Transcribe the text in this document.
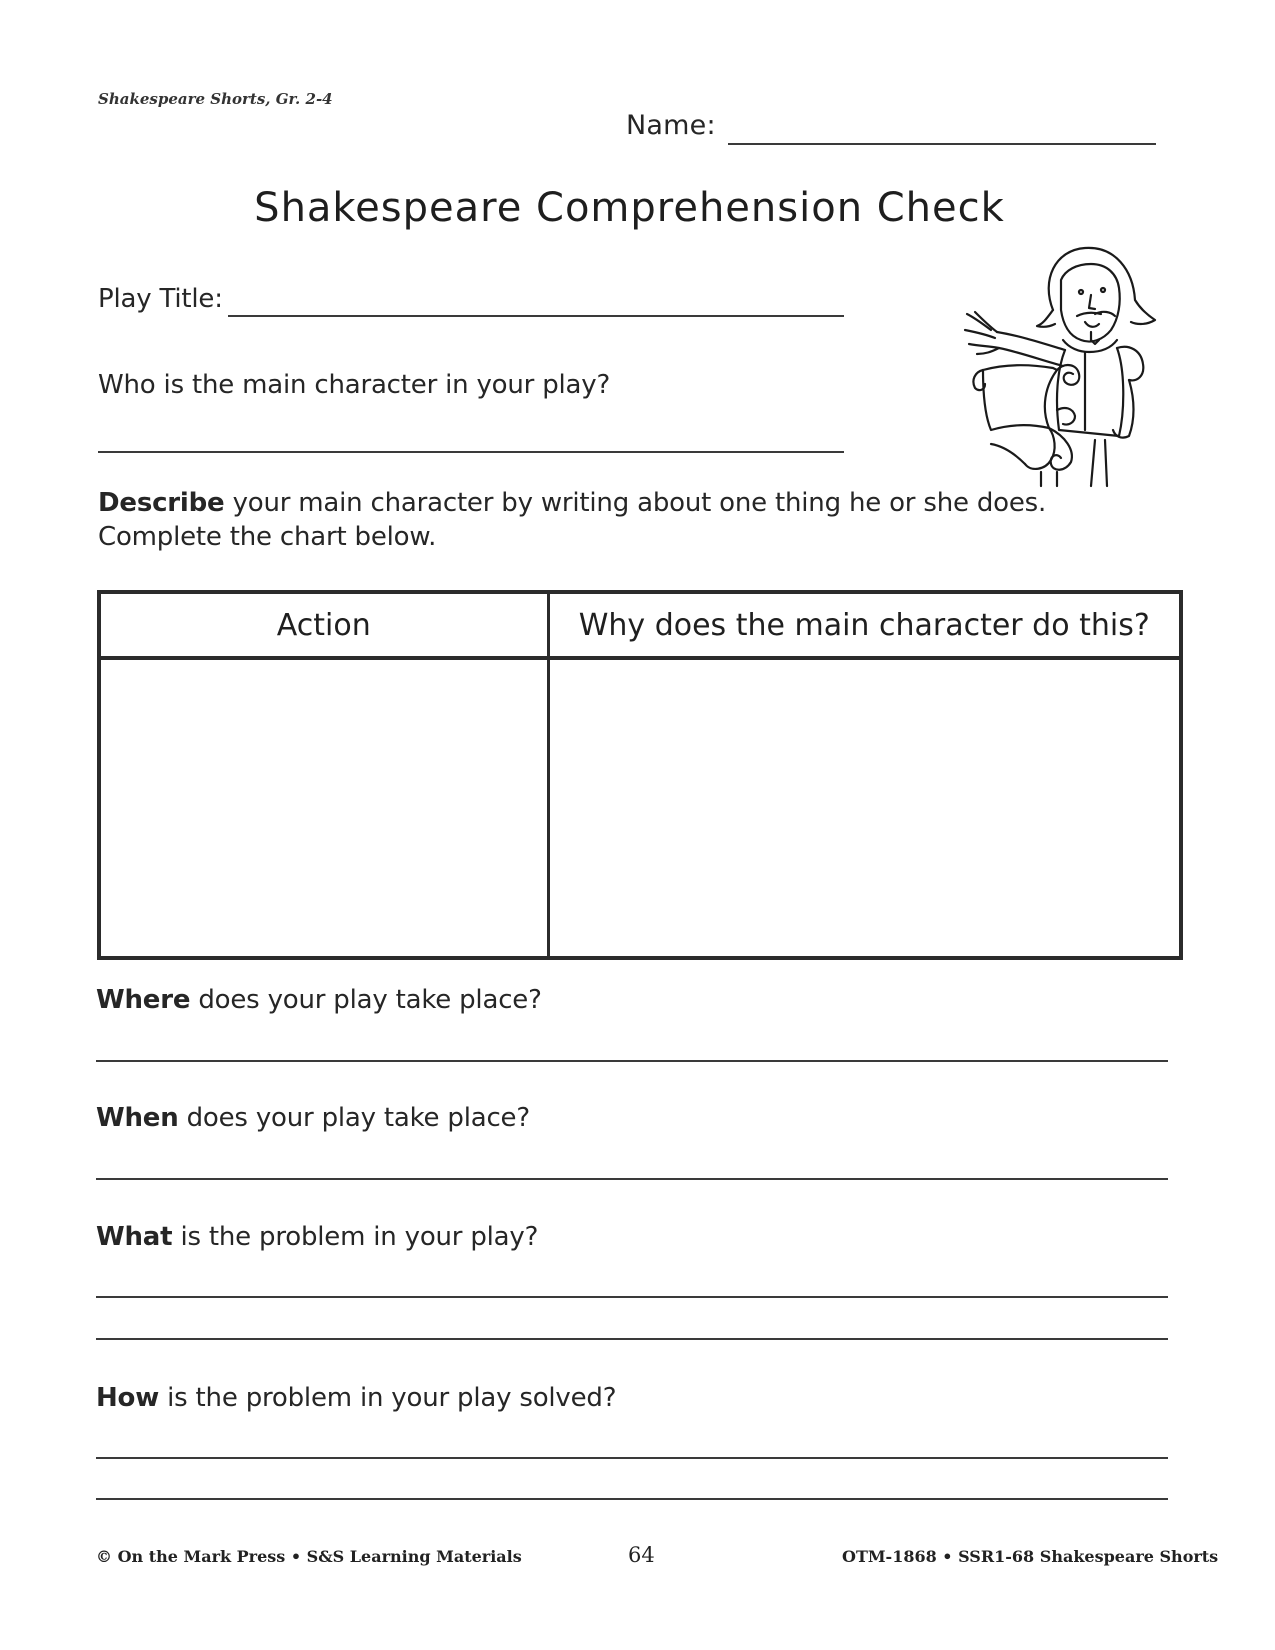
Shakespeare Shorts, Gr. 2-4
Name:
Shakespeare Comprehension Check
Play Title:
Who is the main character in your play?
Describe your main character by writing about one thing he or she does.
Complete the chart below.
Action	Why does the main character do this?

Where does your play take place?
When does your play take place?
What is the problem in your play?
How is the problem in your play solved?
© On the Mark Press • S&S Learning Materials	64	OTM-1868 • SSR1-68 Shakespeare Shorts
